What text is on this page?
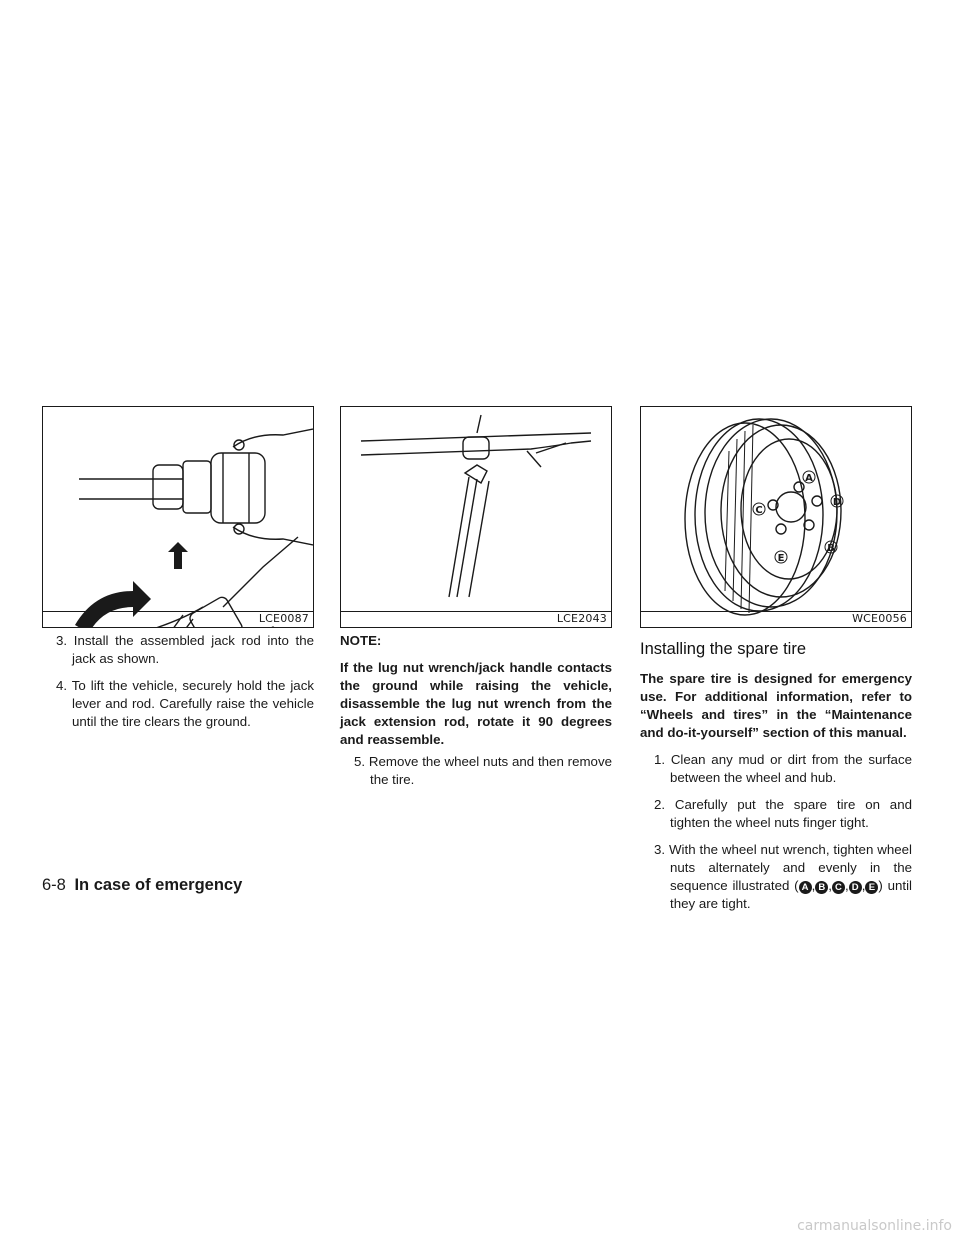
LCE0087	LCE2043
A
B
C
D
E
WCE0056

3. Install the assembled jack rod into the jack as shown.

4. To lift the vehicle, securely hold the jack lever and rod. Carefully raise the vehicle until the tire clears the ground.

NOTE:

If the lug nut wrench/jack handle contacts the ground while raising the vehicle, disassemble the lug nut wrench from the jack extension rod, rotate it 90 degrees and reassemble.

5. Remove the wheel nuts and then remove the tire.

Installing the spare tire

The spare tire is designed for emergency use. For additional information, refer to “Wheels and tires” in the “Maintenance and do-it-yourself” section of this manual.

1. Clean any mud or dirt from the surface between the wheel and hub.

2. Carefully put the spare tire on and tighten the wheel nuts finger tight.

3. With the wheel nut wrench, tighten wheel nuts alternately and evenly in the sequence illustrated ( A , B , C , D , E ) until they are tight.

6-8 In case of emergency
carmanualsonline.info
